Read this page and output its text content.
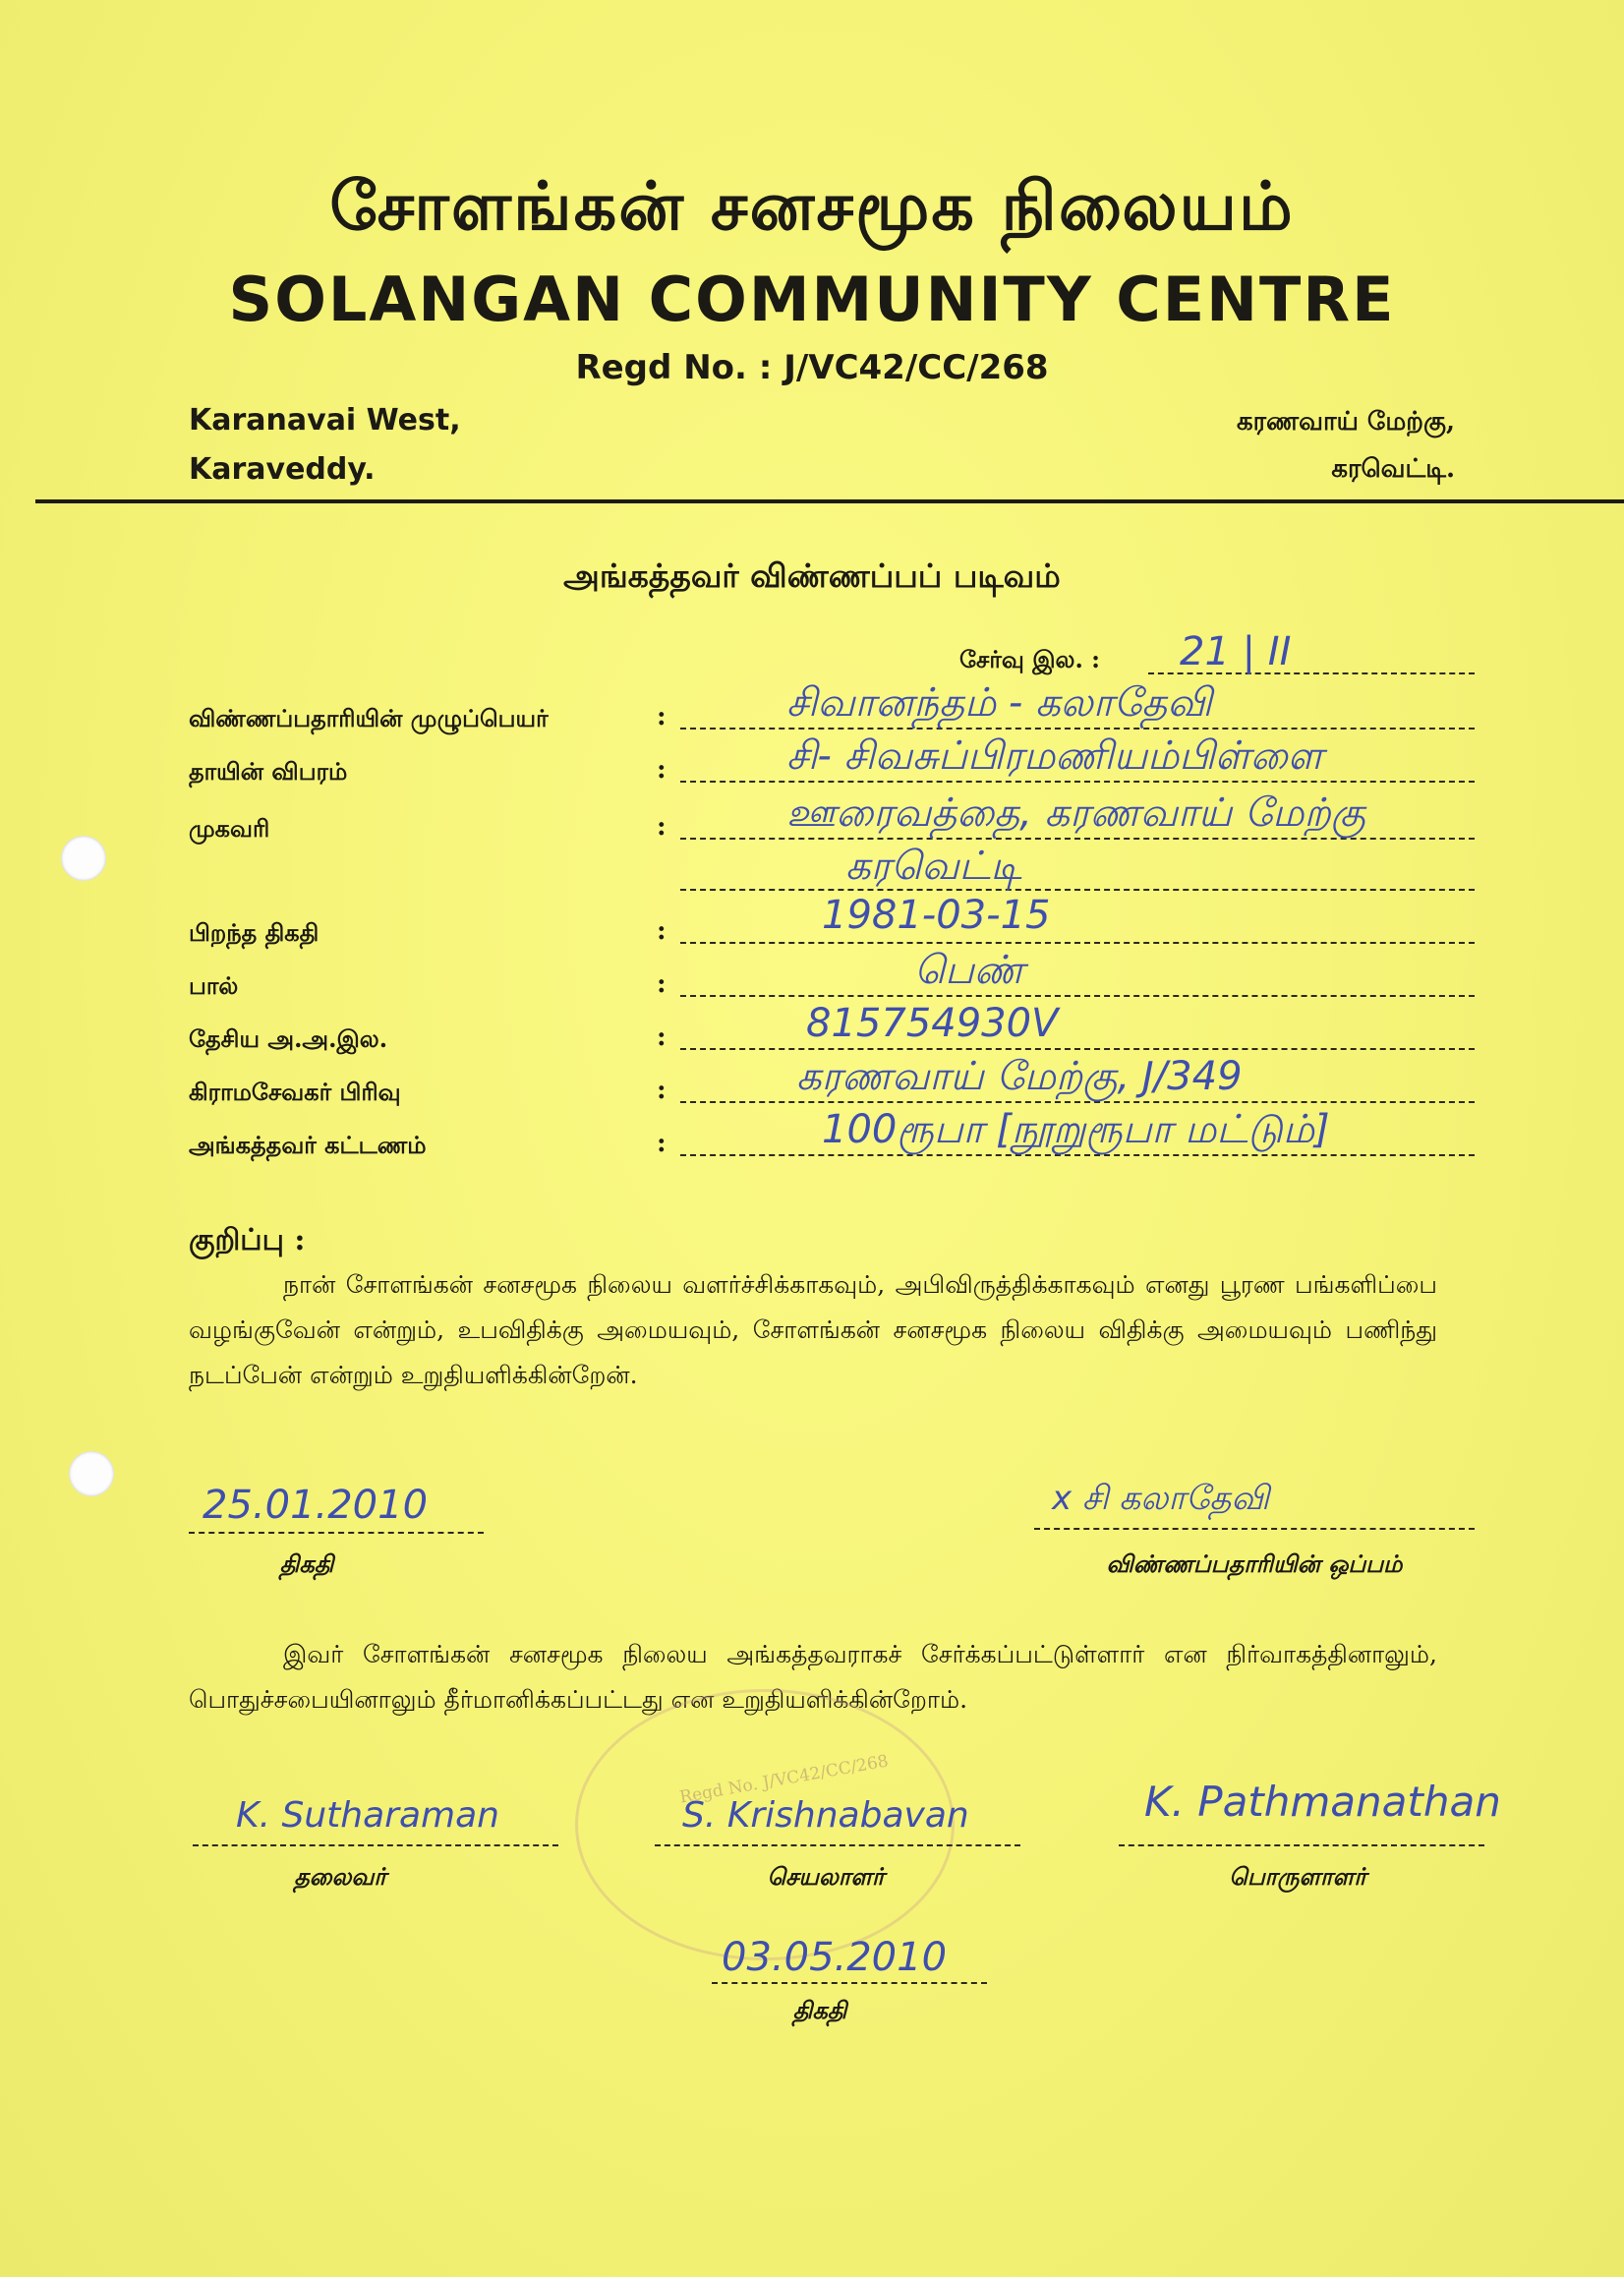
சோளங்கன் சனசமூக நிலையம்
SOLANGAN COMMUNITY CENTRE
Regd No. : J/VC42/CC/268
Karanavai West,
Karaveddy.
கரணவாய் மேற்கு,
கரவெட்டி.
அங்கத்தவர் விண்ணப்பப் படிவம்
சேர்வு இல. : 21 | II
விண்ணப்பதாரியின் முழுப்பெயர்	:	சிவானந்தம் - கலாதேவி
தாயின் விபரம்	:	சி- சிவசுப்பிரமணியம்பிள்ளை
முகவரி	:	ஊரைவத்தை, கரணவாய் மேற்கு
கரவெட்டி
பிறந்த திகதி	:	1981-03-15
பால்	:	பெண்
தேசிய அ.அ.இல.	:	815754930V
கிராமசேவகர் பிரிவு	:	கரணவாய் மேற்கு, J/349
அங்கத்தவர் கட்டணம்	:	100ரூபா [நூறுரூபா மட்டும்]
குறிப்பு :
நான் சோளங்கன் சனசமூக நிலைய வளர்ச்சிக்காகவும், அபிவிருத்திக்காகவும் எனது பூரண பங்களிப்பை வழங்குவேன் என்றும், உபவிதிக்கு அமையவும், சோளங்கன் சனசமூக நிலைய விதிக்கு அமையவும் பணிந்து நடப்பேன் என்றும் உறுதியளிக்கின்றேன்.
25.01.2010
திகதி
x சி கலாதேவி
விண்ணப்பதாரியின் ஒப்பம்
இவர் சோளங்கன் சனசமூக நிலைய அங்கத்தவராகச் சேர்க்கப்பட்டுள்ளார் என நிர்வாகத்தினாலும், பொதுச்சபையினாலும் தீர்மானிக்கப்பட்டது என உறுதியளிக்கின்றோம்.
Regd No. J/VC42/CC/268
K. Sutharaman
தலைவர்
S. Krishnabavan
செயலாளர்
K. Pathmanathan
பொருளாளர்
03.05.2010
திகதி
